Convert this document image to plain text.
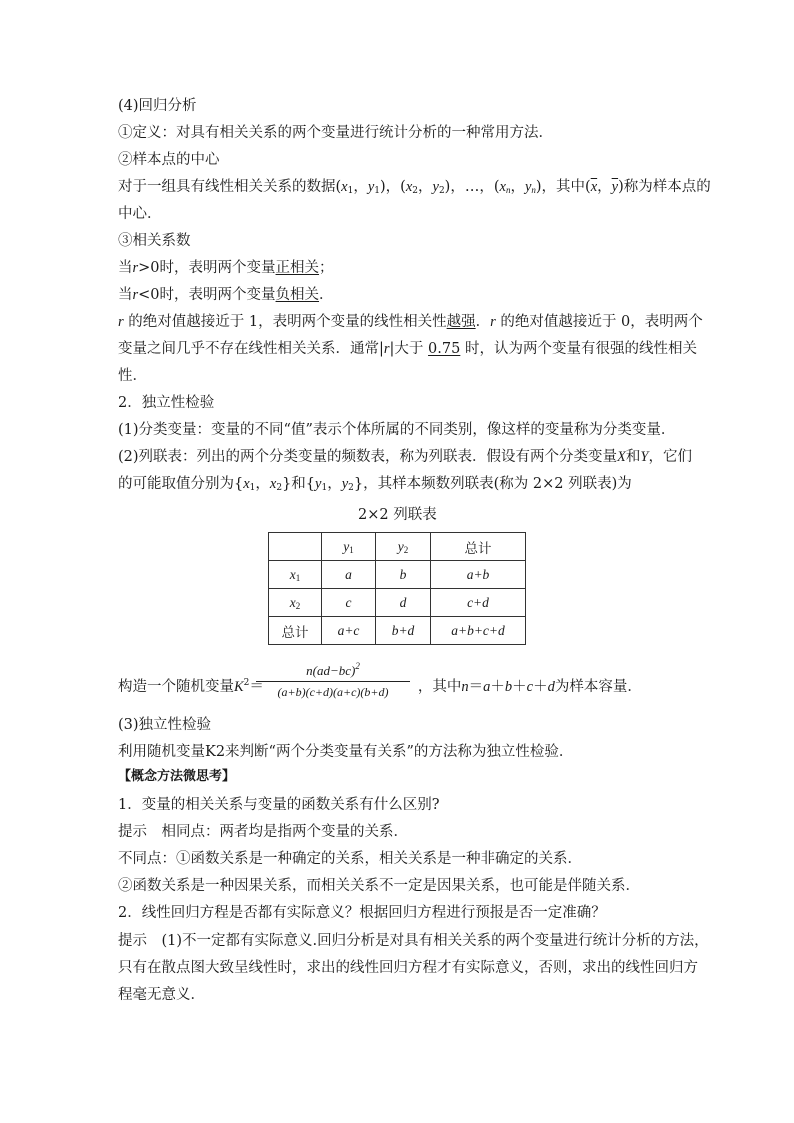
(4)回归分析
①定义：对具有相关关系的两个变量进行统计分析的一种常用方法．
②样本点的中心
对于一组具有线性相关关系的数据($x_1$，$y_1$)，($x_2$，$y_2$)，…，($x_n$，$y_n$)，其中($\overline{x}$，$\overline{y}$)称为样本点的
中心．
③相关系数
当r>0时，表明两个变量正相关；
当r<0时，表明两个变量负相关．
r 的绝对值越接近于 1，表明两个变量的线性相关性越强．r 的绝对值越接近于 0，表明两个
变量之间几乎不存在线性相关关系．通常|r|大于 0.75 时，认为两个变量有很强的线性相关
性．
2．独立性检验
(1)分类变量：变量的不同“值”表示个体所属的不同类别，像这样的变量称为分类变量．
(2)列联表：列出的两个分类变量的频数表，称为列联表．假设有两个分类变量X和Y，它们
的可能取值分别为{$x_1$，$x_2$}和{$y_1$，$y_2$}，其样本频数列联表(称为 2×2 列联表)为
2×2 列联表
	$y_1$	$y_2$	总计
$x_1$	a	b	a+b
$x_2$	c	d	c+d
总计	a+c	b+d	a+b+c+d
构造一个随机变量$K^2=$	，其中n＝a＋b＋c＋d为样本容量．
$n(ad-bc)^2$
(a+b)(c+d)(a+c)(b+d)
(3)独立性检验
利用随机变量K2来判断“两个分类变量有关系”的方法称为独立性检验．
【概念方法微思考】
1．变量的相关关系与变量的函数关系有什么区别?
提示　 相同点：两者均是指两个变量的关系．
不同点：①函数关系是一种确定的关系，相关关系是一种非确定的关系．
②函数关系是一种因果关系，而相关关系不一定是因果关系，也可能是伴随关系．
2．线性回归方程是否都有实际意义？根据回归方程进行预报是否一定准确？
提示　 (1)不一定都有实际意义.回归分析是对具有相关关系的两个变量进行统计分析的方法，
只有在散点图大致呈线性时，求出的线性回归方程才有实际意义，否则，求出的线性回归方
程毫无意义．
